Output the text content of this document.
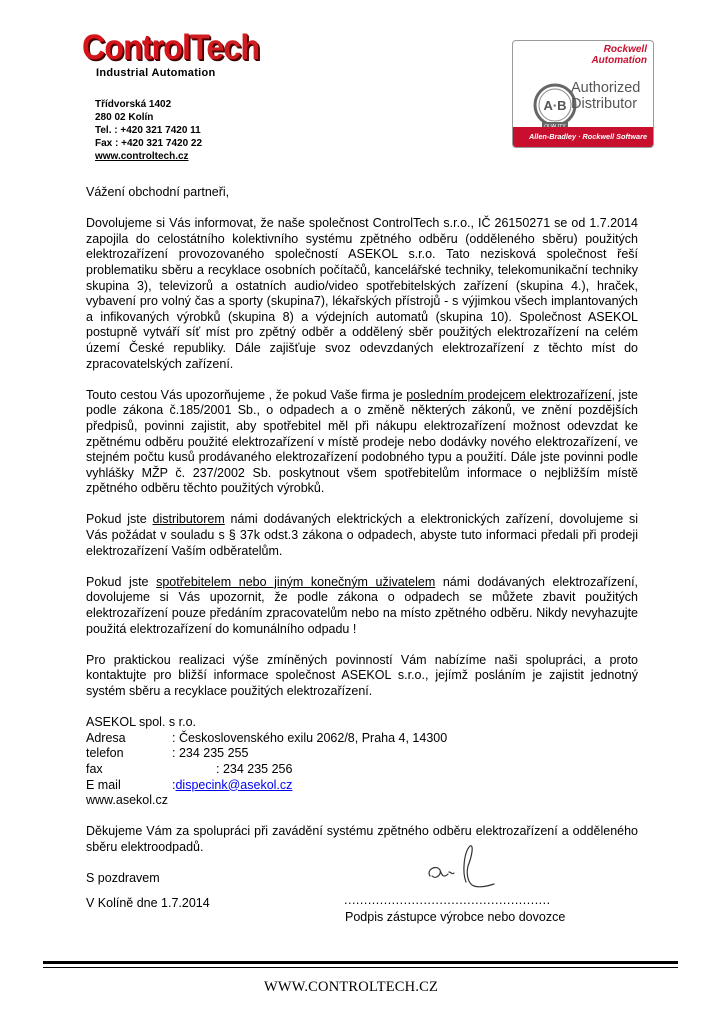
ControlTech
Industrial Automation
Třídvorská 1402
280 02 Kolín
Tel. : +420 321 7420 11
Fax : +420 321 7420 22
www.controltech.cz
Rockwell
Automation
A·B
Authorized
Distributor
Allen-Bradley · Rockwell Software

Vážení obchodní partneři,

Dovolujeme si Vás informovat, že naše společnost ControlTech s.r.o., IČ 26150271 se od 1.7.2014 zapojila do celostátního kolektivního systému zpětného odběru (odděleného sběru) použitých elektrozařízení provozovaného společností ASEKOL s.r.o. Tato nezisková společnost řeší problematiku sběru a recyklace osobních počítačů, kancelářské techniky, telekomunikační techniky skupina 3), televizorů a ostatních audio/video spotřebitelských zařízení (skupina 4.), hraček, vybavení pro volný čas a sporty (skupina7), lékařských přístrojů - s výjimkou všech implantovaných a infikovaných výrobků (skupina 8) a výdejních automatů (skupina 10). Společnost ASEKOL postupně vytváří síť míst pro zpětný odběr a oddělený sběr použitých elektrozařízení na celém území České republiky. Dále zajišťuje svoz odevzdaných elektrozařízení z těchto míst do zpracovatelských zařízení.

Touto cestou Vás upozorňujeme , že pokud Vaše firma je posledním prodejcem elektrozařízení, jste podle zákona č.185/2001 Sb., o odpadech a o změně některých zákonů, ve znění pozdějších předpisů, povinni zajistit, aby spotřebitel měl při nákupu elektrozařízení možnost odevzdat ke zpětnému odběru použité elektrozařízení v místě prodeje nebo dodávky nového elektrozařízení, ve stejném počtu kusů prodávaného elektrozařízení podobného typu a použití. Dále jste povinni podle vyhlášky MŽP č. 237/2002 Sb. poskytnout všem spotřebitelům informace o nejbližším místě zpětného odběru těchto použitých výrobků.

Pokud jste distributorem námi dodávaných elektrických a elektronických zařízení, dovolujeme si Vás požádat v souladu s § 37k odst.3 zákona o odpadech, abyste tuto informaci předali při prodeji elektrozařízení Vaším odběratelům.

Pokud jste spotřebitelem nebo jiným konečným uživatelem námi dodávaných elektrozařízení, dovolujeme si Vás upozornit, že podle zákona o odpadech se můžete zbavit použitých elektrozařízení pouze předáním zpracovatelům nebo na místo zpětného odběru. Nikdy nevyhazujte použitá elektrozařízení do komunálního odpadu !

Pro praktickou realizaci výše zmíněných povinností Vám nabízíme naši spolupráci, a proto kontaktujte pro bližší informace společnost ASEKOL s.r.o., jejímž posláním je zajistit jednotný systém sběru a recyklace použitých elektrozařízení.

ASEKOL spol. s r.o.
Adresa	: Československého exilu 2062/8, Praha 4, 14300
telefon	: 234 235 255
fax	: 234 235 256
E mail	: dispecink@asekol.cz
www.asekol.cz

Děkujeme Vám za spolupráci při zavádění systému zpětného odběru elektrozařízení a odděleného sběru elektroodpadů.

S pozdravem

V Kolíně dne 1.7.2014	....................................................
Podpis zástupce výrobce nebo dovozce
WWW.CONTROLTECH.CZ
